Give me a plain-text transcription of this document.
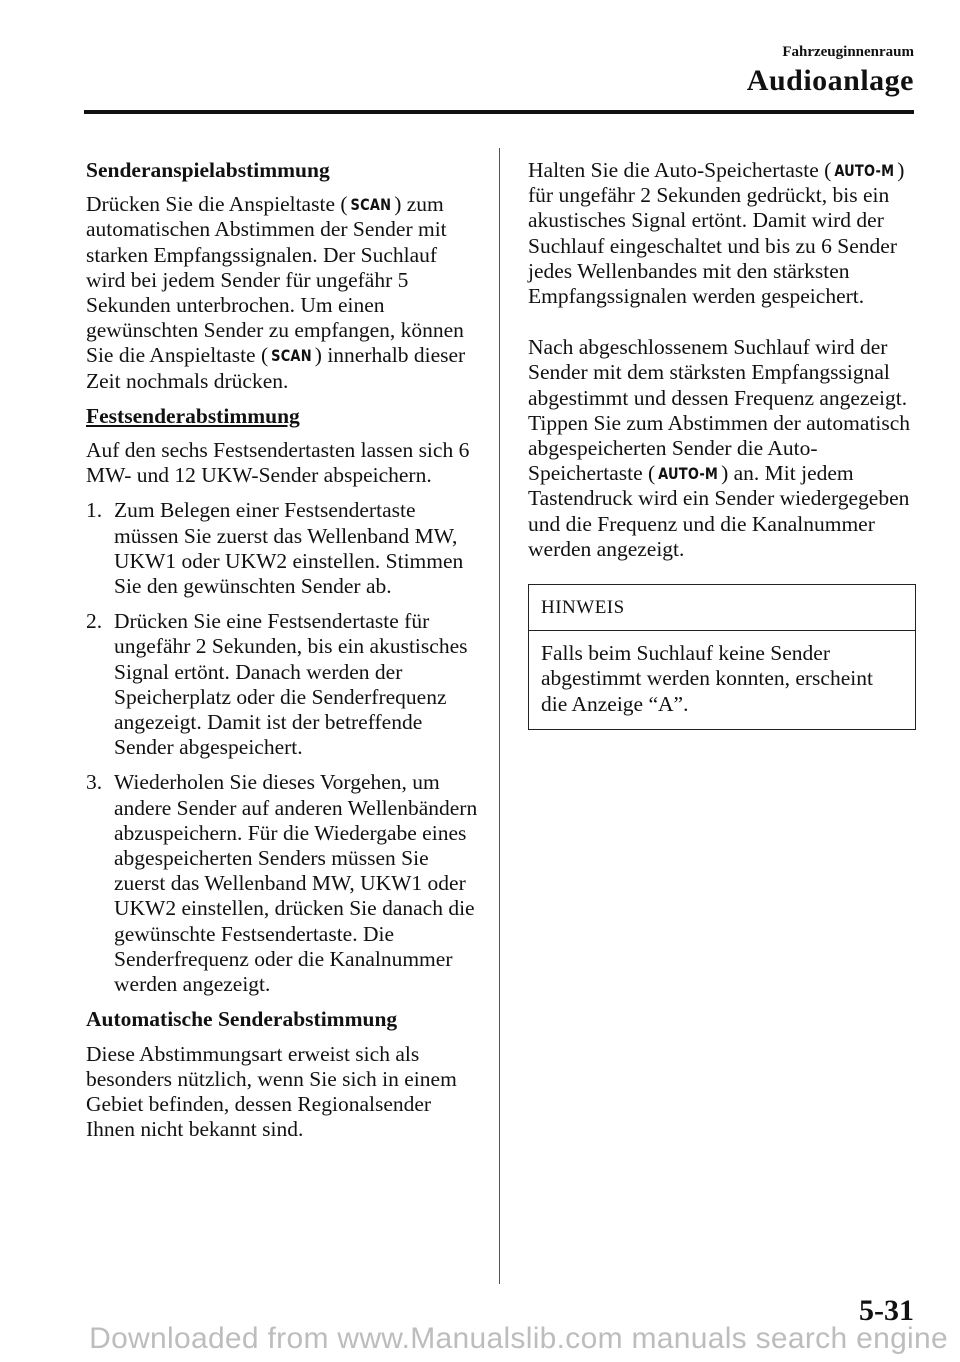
Fahrzeuginnenraum
Audioanlage

Senderanspielabstimmung

Drücken Sie die Anspieltaste ( SCAN ) zum automatischen Abstimmen der Sender mit starken Empfangssignalen. Der Suchlauf wird bei jedem Sender für ungefähr 5 Sekunden unterbrochen. Um einen gewünschten Sender zu empfangen, können Sie die Anspieltaste ( SCAN ) innerhalb dieser Zeit nochmals drücken.

Festsenderabstimmung

Auf den sechs Festsendertasten lassen sich 6 MW- und 12 UKW-Sender abspeichern.

1. Zum Belegen einer Festsendertaste müssen Sie zuerst das Wellenband MW, UKW1 oder UKW2 einstellen. Stimmen Sie den gewünschten Sender ab.
2. Drücken Sie eine Festsendertaste für ungefähr 2 Sekunden, bis ein akustisches Signal ertönt. Danach werden der Speicherplatz oder die Senderfrequenz angezeigt. Damit ist der betreffende Sender abgespeichert.
3. Wiederholen Sie dieses Vorgehen, um andere Sender auf anderen Wellenbändern abzuspeichern. Für die Wiedergabe eines abgespeicherten Senders müssen Sie zuerst das Wellenband MW, UKW1 oder UKW2 einstellen, drücken Sie danach die gewünschte Festsendertaste. Die Senderfrequenz oder die Kanalnummer werden angezeigt.

Automatische Senderabstimmung

Diese Abstimmungsart erweist sich als besonders nützlich, wenn Sie sich in einem Gebiet befinden, dessen Regionalsender Ihnen nicht bekannt sind.

Halten Sie die Auto-Speichertaste ( AUTO-M ) für ungefähr 2 Sekunden gedrückt, bis ein akustisches Signal ertönt. Damit wird der Suchlauf eingeschaltet und bis zu 6 Sender jedes Wellenbandes mit den stärksten Empfangssignalen werden gespeichert.

Nach abgeschlossenem Suchlauf wird der Sender mit dem stärksten Empfangssignal abgestimmt und dessen Frequenz angezeigt. Tippen Sie zum Abstimmen der automatisch abgespeicherten Sender die Auto-Speichertaste ( AUTO-M ) an. Mit jedem Tastendruck wird ein Sender wiedergegeben und die Frequenz und die Kanalnummer werden angezeigt.

HINWEIS
Falls beim Suchlauf keine Sender abgestimmt werden konnten, erscheint die Anzeige “A”.
5-31
Downloaded from www.Manualslib.com manuals search engine
